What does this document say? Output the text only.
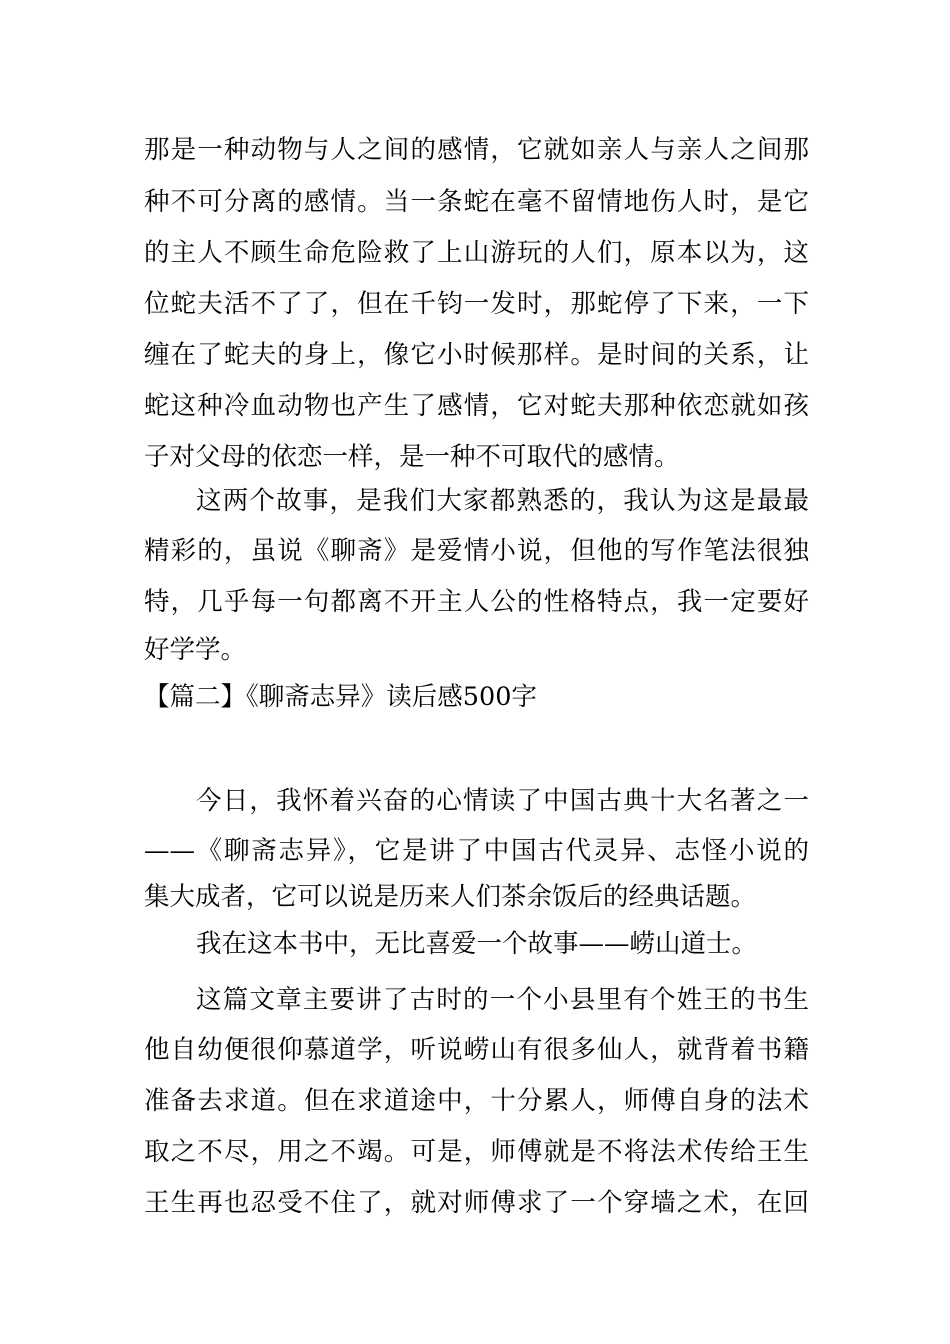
那是一种动物与人之间的感情，它就如亲人与亲人之间那
种不可分离的感情。当一条蛇在毫不留情地伤人时，是它
的主人不顾生命危险救了上山游玩的人们，原本以为，这
位蛇夫活不了了，但在千钧一发时，那蛇停了下来，一下
缠在了蛇夫的身上，像它小时候那样。是时间的关系，让
蛇这种冷血动物也产生了感情，它对蛇夫那种依恋就如孩
子对父母的依恋一样，是一种不可取代的感情。
这两个故事，是我们大家都熟悉的，我认为这是最最
精彩的，虽说《聊斋》是爱情小说，但他的写作笔法很独
特，几乎每一句都离不开主人公的性格特点，我一定要好
好学学。
【篇二】《聊斋志异》读后感500字
今日，我怀着兴奋的心情读了中国古典十大名著之一
——《聊斋志异》，它是讲了中国古代灵异、志怪小说的
集大成者，它可以说是历来人们茶余饭后的经典话题。
我在这本书中，无比喜爱一个故事——崂山道士。
这篇文章主要讲了古时的一个小县里有个姓王的书生
他自幼便很仰慕道学，听说崂山有很多仙人，就背着书籍
准备去求道。但在求道途中，十分累人，师傅自身的法术
取之不尽，用之不竭。可是，师傅就是不将法术传给王生
王生再也忍受不住了，就对师傅求了一个穿墙之术，在回
